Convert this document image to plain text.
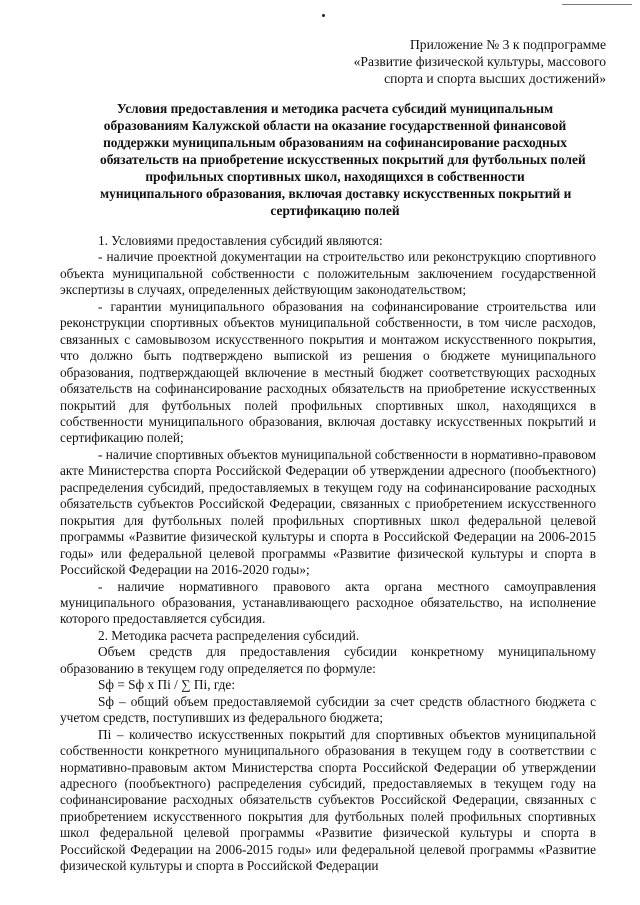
Приложение № 3 к подпрограмме
«Развитие физической культуры, массового
спорта и спорта высших достижений»
Условия предоставления и методика расчета субсидий муниципальным
образованиям Калужской области на оказание государственной финансовой
поддержки муниципальным образованиям на софинансирование расходных
обязательств на приобретение искусственных покрытий для футбольных полей
профильных спортивных школ, находящихся в собственности
муниципального образования, включая доставку искусственных покрытий и
сертификацию полей

1. Условиями предоставления субсидий являются:

- наличие проектной документации на строительство или реконструкцию спортивного объекта муниципальной собственности с положительным заключением государственной экспертизы в случаях, определенных действующим законодательством;

- гарантии муниципального образования на софинансирование строительства или реконструкции спортивных объектов муниципальной собственности, в том числе расходов, связанных с самовывозом искусственного покрытия и монтажом искусственного покрытия, что должно быть подтверждено выпиской из решения о бюджете муниципального образования, подтверждающей включение в местный бюджет соответствующих расходных обязательств на софинансирование расходных обязательств на приобретение искусственных покрытий для футбольных полей профильных спортивных школ, находящихся в собственности муниципального образования, включая доставку искусственных покрытий и сертификацию полей;

- наличие спортивных объектов муниципальной собственности в нормативно-правовом акте Министерства спорта Российской Федерации об утверждении адресного (пообъектного) распределения субсидий, предоставляемых в текущем году на софинансирование расходных обязательств субъектов Российской Федерации, связанных с приобретением искусственного покрытия для футбольных полей профильных спортивных школ федеральной целевой программы «Развитие физической культуры и спорта в Российской Федерации на 2006-2015 годы» или федеральной целевой программы «Развитие физической культуры и спорта в Российской Федерации на 2016-2020 годы»;

- наличие нормативного правового акта органа местного самоуправления муниципального образования, устанавливающего расходное обязательство, на исполнение которого предоставляется субсидия.

2. Методика расчета распределения субсидий.

Объем средств для предоставления субсидии конкретному муниципальному образованию в текущем году определяется по формуле:

Sф = Sф x Пi / ∑ Пi, где:

Sф – общий объем предоставляемой субсидии за счет средств областного бюджета с учетом средств, поступивших из федерального бюджета;

Пi – количество искусственных покрытий для спортивных объектов муниципальной собственности конкретного муниципального образования в текущем году в соответствии с нормативно-правовым актом Министерства спорта Российской Федерации об утверждении адресного (пообъектного) распределения субсидий, предоставляемых в текущем году на софинансирование расходных обязательств субъектов Российской Федерации, связанных с приобретением искусственного покрытия для футбольных полей профильных спортивных школ федеральной целевой программы «Развитие физической культуры и спорта в Российской Федерации на 2006-2015 годы» или федеральной целевой программы «Развитие физической культуры и спорта в Российской Федерации
